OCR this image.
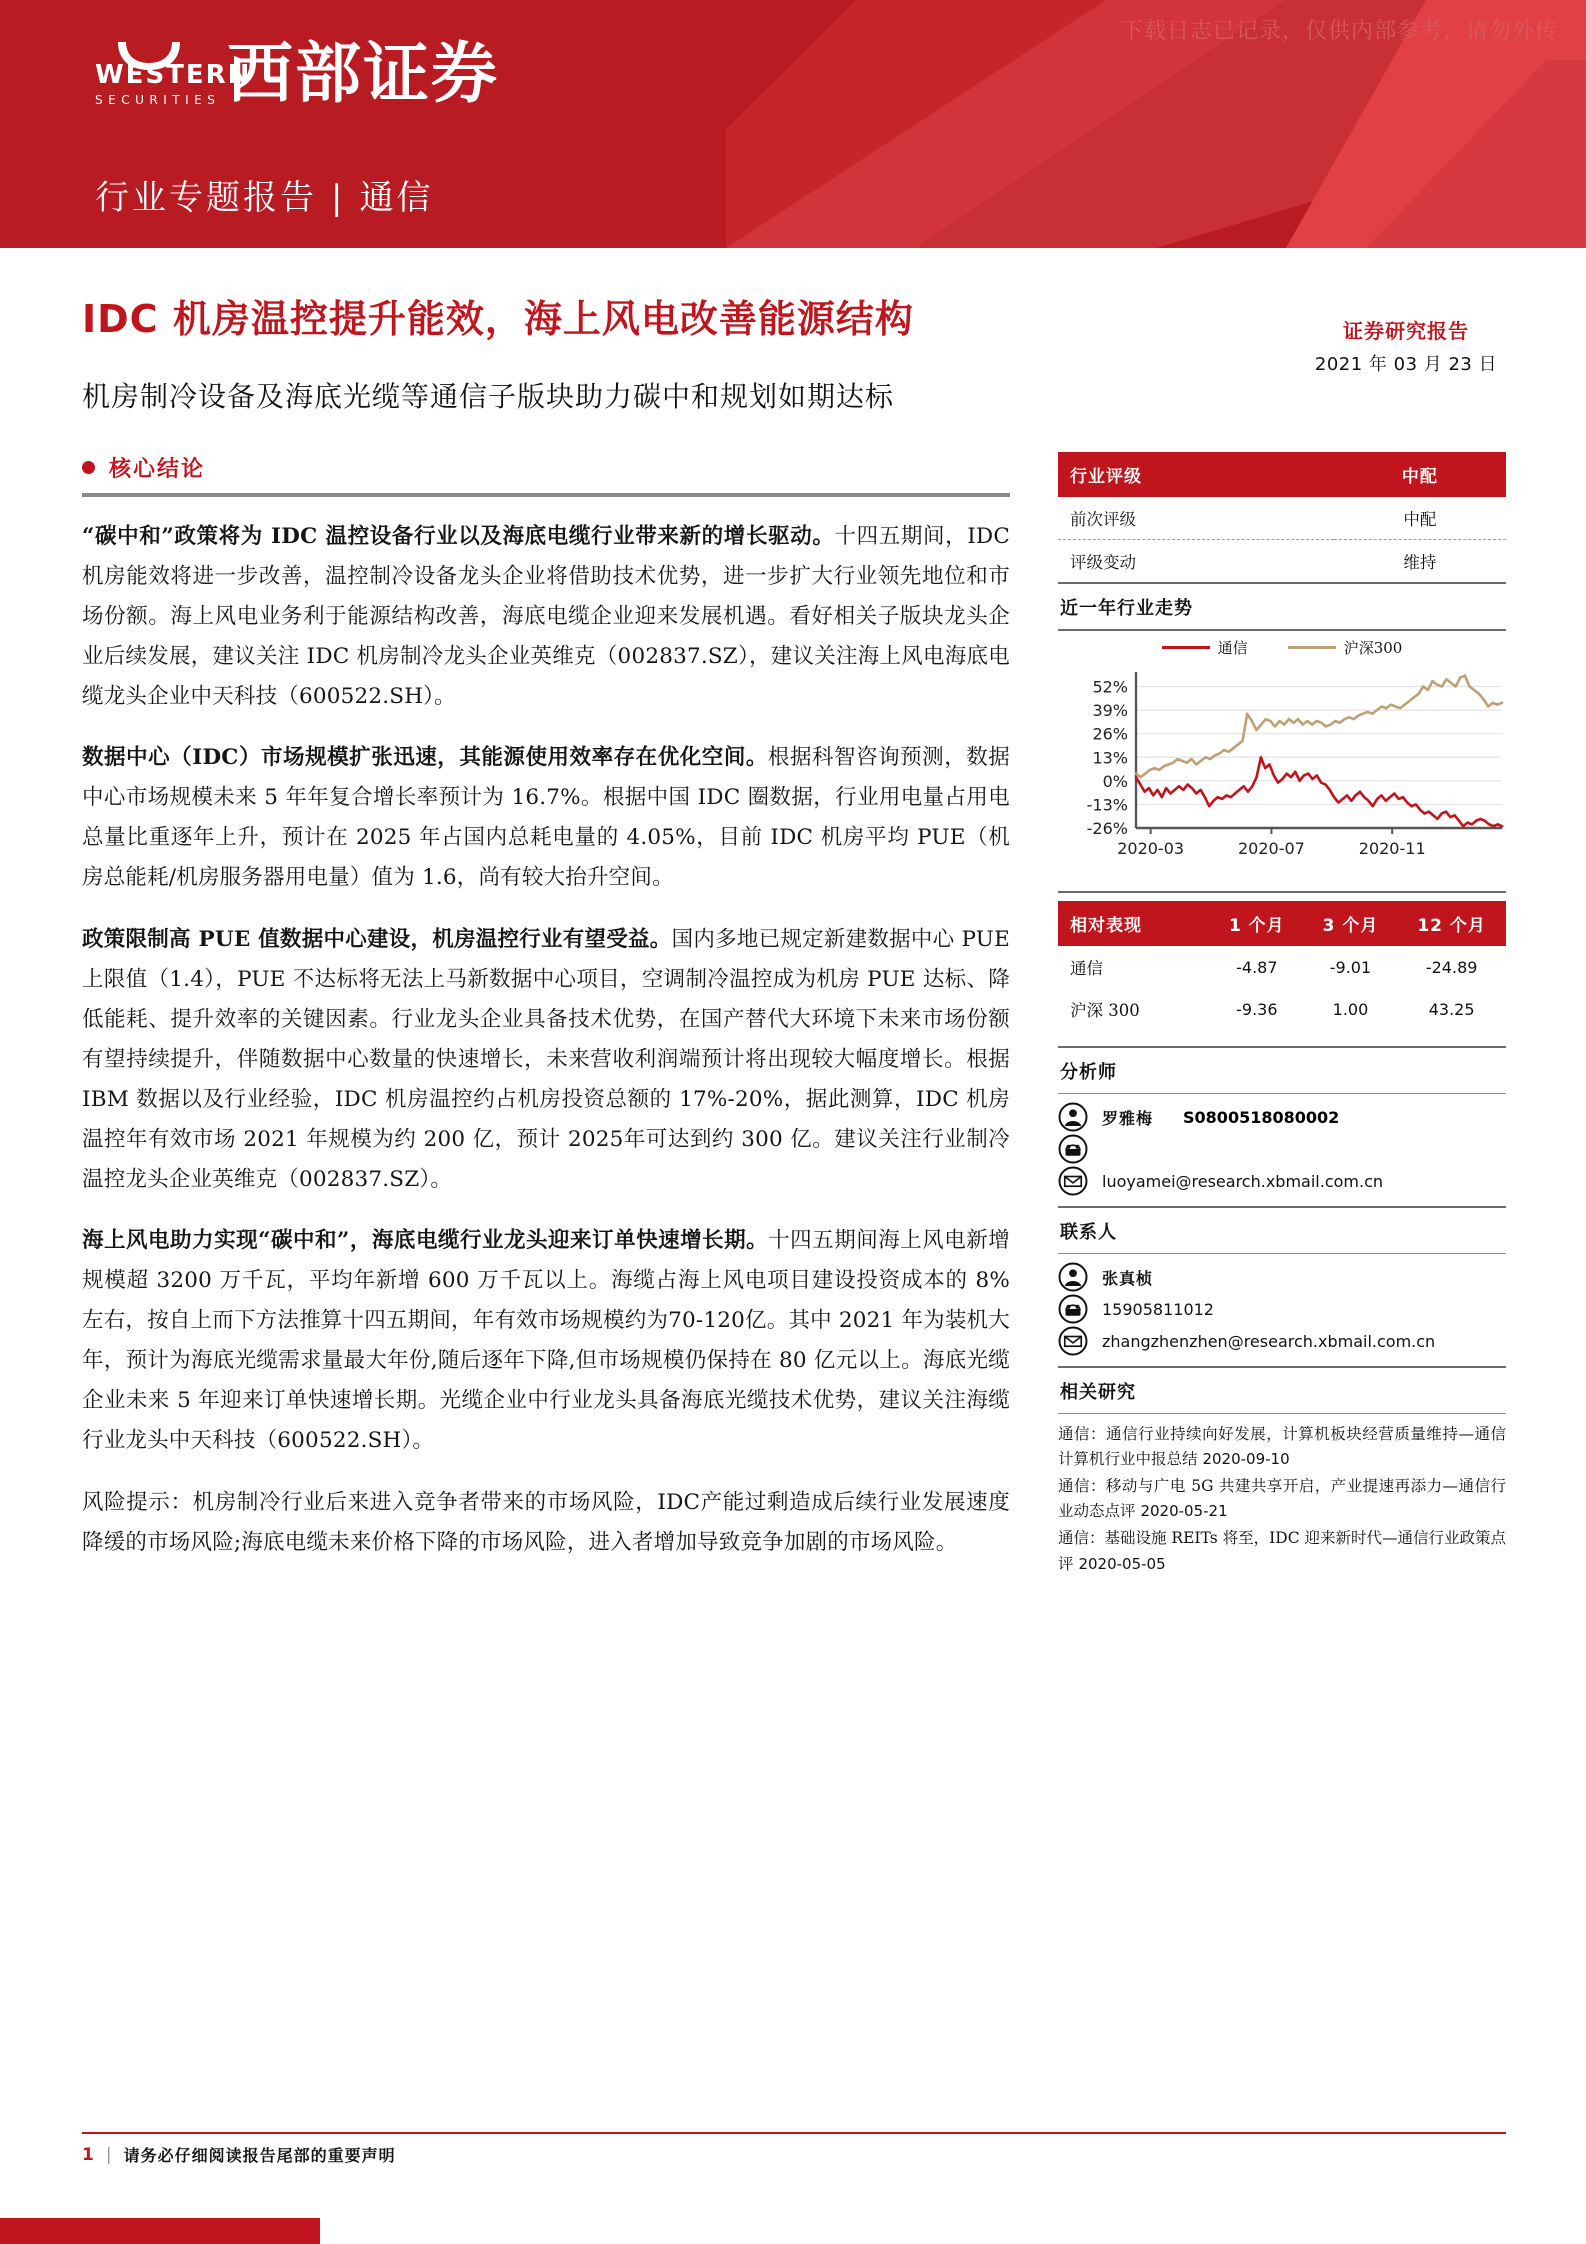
下载日志已记录，仅供内部参考，请勿外传
WESTERN
SECURITIES 西部证券
行业专题报告 | 通信
IDC 机房温控提升能效，海上风电改善能源结构
机房制冷设备及海底光缆等通信子版块助力碳中和规划如期达标
证券研究报告
2021 年 03 月 23 日
核心结论

“碳中和”政策将为 IDC 温控设备行业以及海底电缆行业带来新的增长驱动。十四五期间，IDC机房能效将进一步改善，温控制冷设备龙头企业将借助技术优势，进一步扩大行业领先地位和市场份额。海上风电业务利于能源结构改善，海底电缆企业迎来发展机遇。看好相关子版块龙头企业后续发展，建议关注 IDC 机房制冷龙头企业英维克（002837.SZ），建议关注海上风电海底电缆龙头企业中天科技（600522.SH）。

数据中心（IDC）市场规模扩张迅速，其能源使用效率存在优化空间。根据科智咨询预测，数据中心市场规模未来 5 年年复合增长率预计为 16.7%。根据中国 IDC 圈数据，行业用电量占用电总量比重逐年上升，预计在 2025 年占国内总耗电量的 4.05%，目前 IDC 机房平均 PUE（机房总能耗/机房服务器用电量）值为 1.6，尚有较大抬升空间。

政策限制高 PUE 值数据中心建设，机房温控行业有望受益。国内多地已规定新建数据中心 PUE 上限值（1.4），PUE 不达标将无法上马新数据中心项目，空调制冷温控成为机房 PUE 达标、降低能耗、提升效率的关键因素。行业龙头企业具备技术优势，在国产替代大环境下未来市场份额有望持续提升，伴随数据中心数量的快速增长，未来营收利润端预计将出现较大幅度增长。根据 IBM 数据以及行业经验，IDC 机房温控约占机房投资总额的 17%-20%，据此测算，IDC 机房温控年有效市场 2021 年规模为约 200 亿，预计 2025年可达到约 300 亿。建议关注行业制冷温控龙头企业英维克（002837.SZ）。

海上风电助力实现“碳中和”，海底电缆行业龙头迎来订单快速增长期。十四五期间海上风电新增规模超 3200 万千瓦，平均年新增 600 万千瓦以上。海缆占海上风电项目建设投资成本的 8% 左右，按自上而下方法推算十四五期间，年有效市场规模约为70-120亿。其中 2021 年为装机大年，预计为海底光缆需求量最大年份,随后逐年下降,但市场规模仍保持在 80 亿元以上。海底光缆企业未来 5 年迎来订单快速增长期。光缆企业中行业龙头具备海底光缆技术优势，建议关注海缆行业龙头中天科技（600522.SH）。

风险提示：机房制冷行业后来进入竞争者带来的市场风险，IDC产能过剩造成后续行业发展速度降缓的市场风险;海底电缆未来价格下降的市场风险，进入者增加导致竞争加剧的市场风险。

行业评级	中配
前次评级	中配
评级变动	维持
近一年行业走势
通信	沪深300
52%
39%
26%
13%
0%
-13%
-26%
2020-03	2020-07	2020-11
相对表现	1 个月	3 个月	12 个月
通信	-4.87	-9.01	-24.89
沪深 300	-9.36	1.00	43.25
分析师
罗雅梅 S0800518080002
luoyamei@research.xbmail.com.cn
联系人
张真桢
15905811012
zhangzhenzhen@research.xbmail.com.cn
相关研究
通信：通信行业持续向好发展，计算机板块经营质量维持—通信计算机行业中报总结 2020-09-10
通信：移动与广电 5G 共建共享开启，产业提速再添力—通信行业动态点评 2020-05-21
通信：基础设施 REITs 将至，IDC 迎来新时代—通信行业政策点评 2020-05-05
1 | 请务必仔细阅读报告尾部的重要声明
